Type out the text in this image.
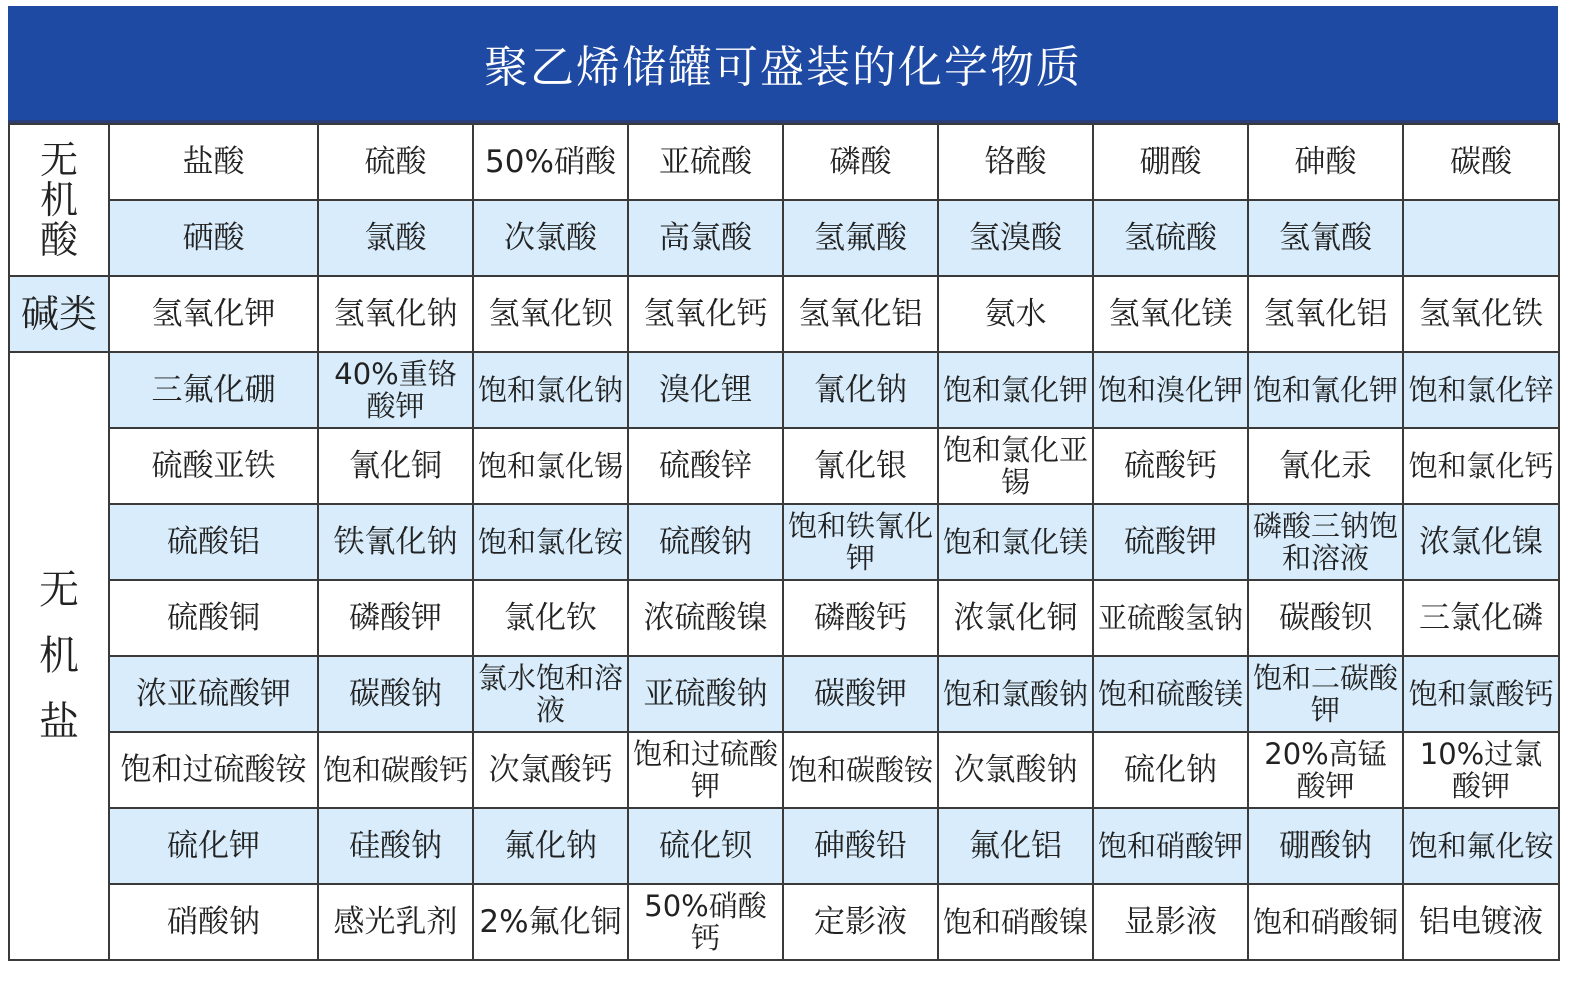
聚乙烯储罐可盛装的化学物质
无机酸	盐酸	硫酸	50%硝酸	亚硫酸	磷酸	铬酸	硼酸	砷酸	碳酸
	硒酸	氯酸	次氯酸	高氯酸	氢氟酸	氢溴酸	氢硫酸	氢氰酸	
碱类	氢氧化钾	氢氧化钠	氢氧化钡	氢氧化钙	氢氧化铝	氨水	氢氧化镁	氢氧化铝	氢氧化铁
无机盐	三氟化硼	40%重铬酸钾	饱和氯化钠	溴化锂	氰化钠	饱和氯化钾	饱和溴化钾	饱和氰化钾	饱和氯化锌
	硫酸亚铁	氰化铜	饱和氯化锡	硫酸锌	氰化银	饱和氯化亚锡	硫酸钙	氰化汞	饱和氯化钙
	硫酸铝	铁氰化钠	饱和氯化铵	硫酸钠	饱和铁氰化钾	饱和氯化镁	硫酸钾	磷酸三钠饱和溶液	浓氯化镍
	硫酸铜	磷酸钾	氯化钦	浓硫酸镍	磷酸钙	浓氯化铜	亚硫酸氢钠	碳酸钡	三氯化磷
	浓亚硫酸钾	碳酸钠	氯水饱和溶液	亚硫酸钠	碳酸钾	饱和氯酸钠	饱和硫酸镁	饱和二碳酸钾	饱和氯酸钙
	饱和过硫酸铵	饱和碳酸钙	次氯酸钙	饱和过硫酸钾	饱和碳酸铵	次氯酸钠	硫化钠	20%高锰酸钾	10%过氯酸钾
	硫化钾	硅酸钠	氟化钠	硫化钡	砷酸铅	氟化铝	饱和硝酸钾	硼酸钠	饱和氟化铵
	硝酸钠	感光乳剂	2%氟化铜	50%硝酸钙	定影液	饱和硝酸镍	显影液	饱和硝酸铜	铝电镀液
